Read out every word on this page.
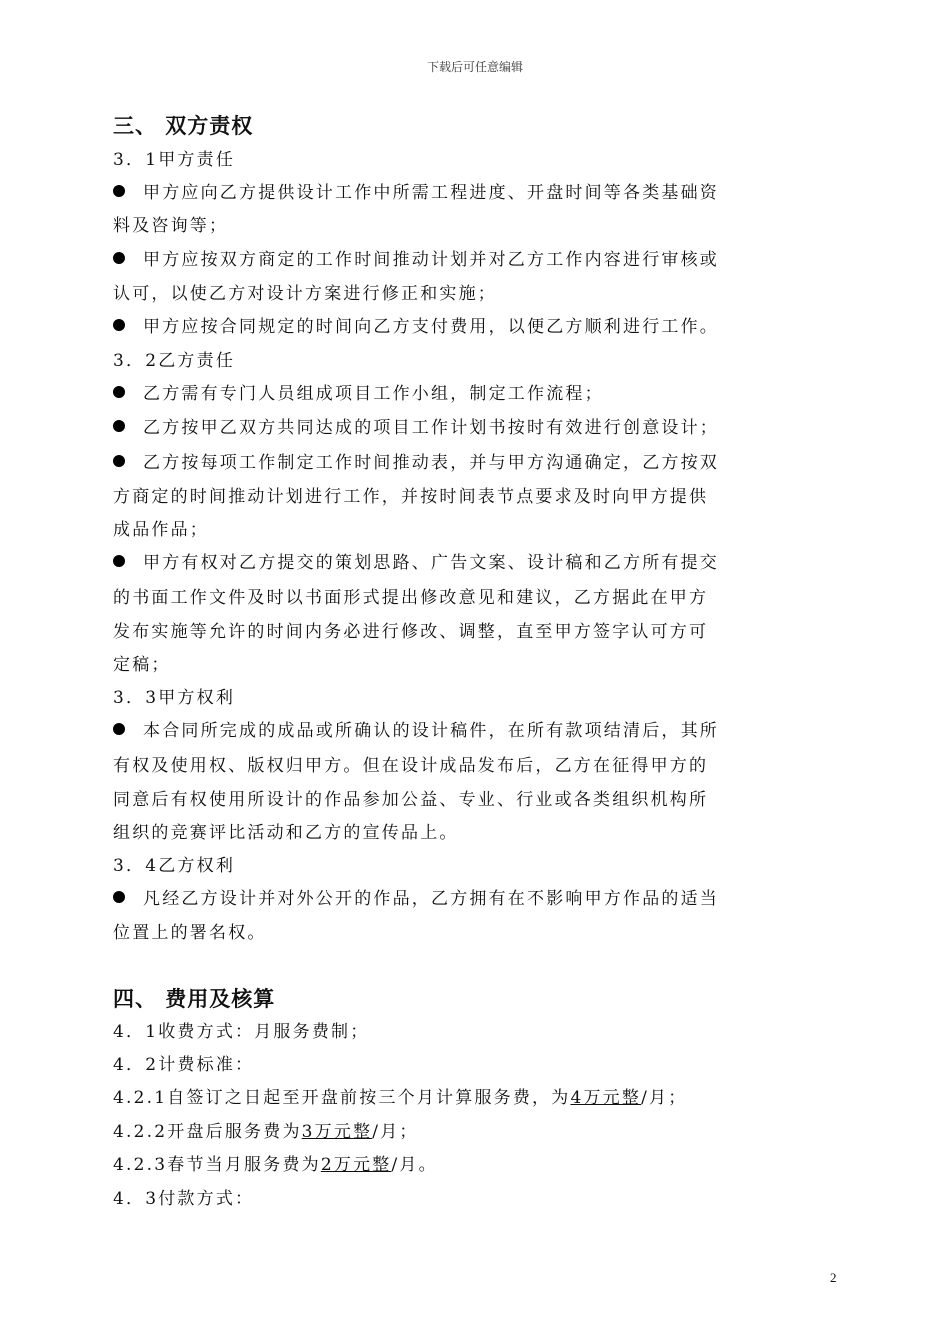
下载后可任意编辑
三、 双方责权
3．1甲方责任
甲方应向乙方提供设计工作中所需工程进度、开盘时间等各类基础资
料及咨询等；
甲方应按双方商定的工作时间推动计划并对乙方工作内容进行审核或
认可，以使乙方对设计方案进行修正和实施；
甲方应按合同规定的时间向乙方支付费用，以便乙方顺利进行工作。
3．2乙方责任
乙方需有专门人员组成项目工作小组，制定工作流程；
乙方按甲乙双方共同达成的项目工作计划书按时有效进行创意设计；
乙方按每项工作制定工作时间推动表，并与甲方沟通确定，乙方按双
方商定的时间推动计划进行工作，并按时间表节点要求及时向甲方提供
成品作品；
甲方有权对乙方提交的策划思路、广告文案、设计稿和乙方所有提交
的书面工作文件及时以书面形式提出修改意见和建议，乙方据此在甲方
发布实施等允许的时间内务必进行修改、调整，直至甲方签字认可方可
定稿；
3．3甲方权利
本合同所完成的成品或所确认的设计稿件，在所有款项结清后，其所
有权及使用权、版权归甲方。但在设计成品发布后，乙方在征得甲方的
同意后有权使用所设计的作品参加公益、专业、行业或各类组织机构所
组织的竞赛评比活动和乙方的宣传品上。
3．4乙方权利
凡经乙方设计并对外公开的作品，乙方拥有在不影响甲方作品的适当
位置上的署名权。
四、 费用及核算
4．1收费方式：月服务费制；
4．2计费标准：
4.2.1自签订之日起至开盘前按三个月计算服务费，为4万元整/月；
4.2.2开盘后服务费为3万元整/月；
4.2.3春节当月服务费为2万元整/月。
4．3付款方式：
2
